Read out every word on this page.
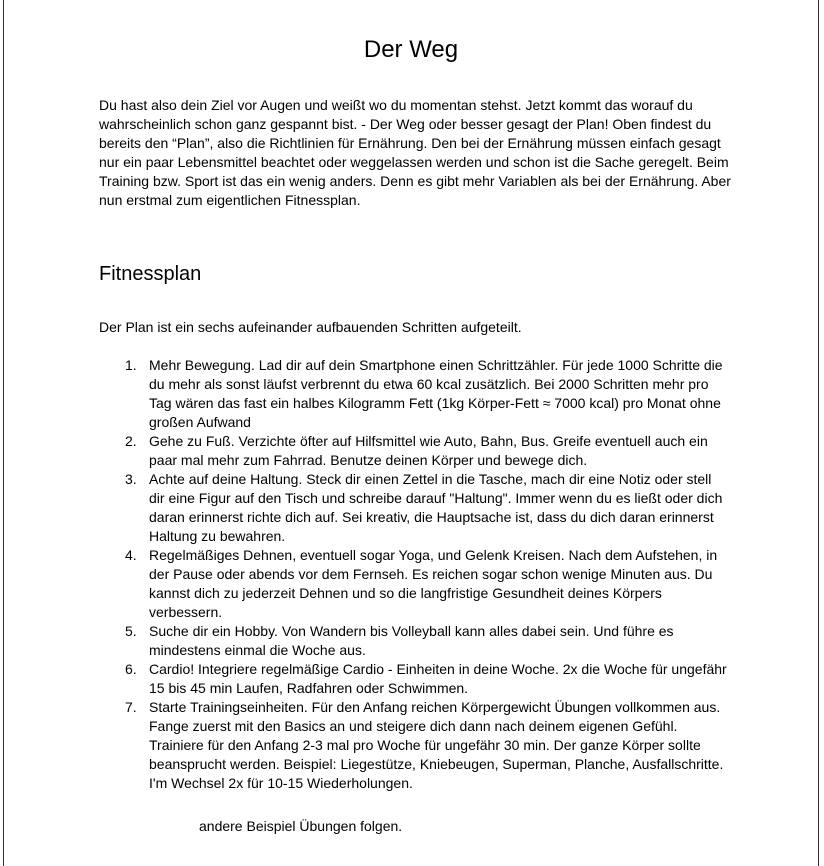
Der Weg

Du hast also dein Ziel vor Augen und weißt wo du momentan stehst. Jetzt kommt das worauf du wahrscheinlich schon ganz gespannt bist. - Der Weg oder besser gesagt der Plan! Oben findest du bereits den “Plan”, also die Richtlinien für Ernährung. Den bei der Ernährung müssen einfach gesagt nur ein paar Lebensmittel beachtet oder weggelassen werden und schon ist die Sache geregelt. Beim Training bzw. Sport ist das ein wenig anders. Denn es gibt mehr Variablen als bei der Ernährung. Aber nun erstmal zum eigentlichen Fitnessplan.

Fitnessplan

Der Plan ist ein sechs aufeinander aufbauenden Schritten aufgeteilt.

1. Mehr Bewegung. Lad dir auf dein Smartphone einen Schrittzähler. Für jede 1000 Schritte die du mehr als sonst läufst verbrennt du etwa 60 kcal zusätzlich. Bei 2000 Schritten mehr pro Tag wären das fast ein halbes Kilogramm Fett (1kg Körper-Fett ≈ 7000 kcal) pro Monat ohne großen Aufwand
2. Gehe zu Fuß. Verzichte öfter auf Hilfsmittel wie Auto, Bahn, Bus. Greife eventuell auch ein paar mal mehr zum Fahrrad. Benutze deinen Körper und bewege dich.
3. Achte auf deine Haltung. Steck dir einen Zettel in die Tasche, mach dir eine Notiz oder stell dir eine Figur auf den Tisch und schreibe darauf "Haltung". Immer wenn du es ließt oder dich daran erinnerst richte dich auf. Sei kreativ, die Hauptsache ist, dass du dich daran erinnerst Haltung zu bewahren.
4. Regelmäßiges Dehnen, eventuell sogar Yoga, und Gelenk Kreisen. Nach dem Aufstehen, in der Pause oder abends vor dem Fernseh. Es reichen sogar schon wenige Minuten aus. Du kannst dich zu jederzeit Dehnen und so die langfristige Gesundheit deines Körpers verbessern.
5. Suche dir ein Hobby. Von Wandern bis Volleyball kann alles dabei sein. Und führe es mindestens einmal die Woche aus.
6. Cardio! Integriere regelmäßige Cardio - Einheiten in deine Woche. 2x die Woche für ungefähr 15 bis 45 min Laufen, Radfahren oder Schwimmen.
7. Starte Trainingseinheiten. Für den Anfang reichen Körpergewicht Übungen vollkommen aus. Fange zuerst mit den Basics an und steigere dich dann nach deinem eigenen Gefühl. Trainiere für den Anfang 2-3 mal pro Woche für ungefähr 30 min. Der ganze Körper sollte beansprucht werden. Beispiel: Liegestütze, Kniebeugen, Superman, Planche, Ausfallschritte. I'm Wechsel 2x für 10-15 Wiederholungen.

andere Beispiel Übungen folgen.
